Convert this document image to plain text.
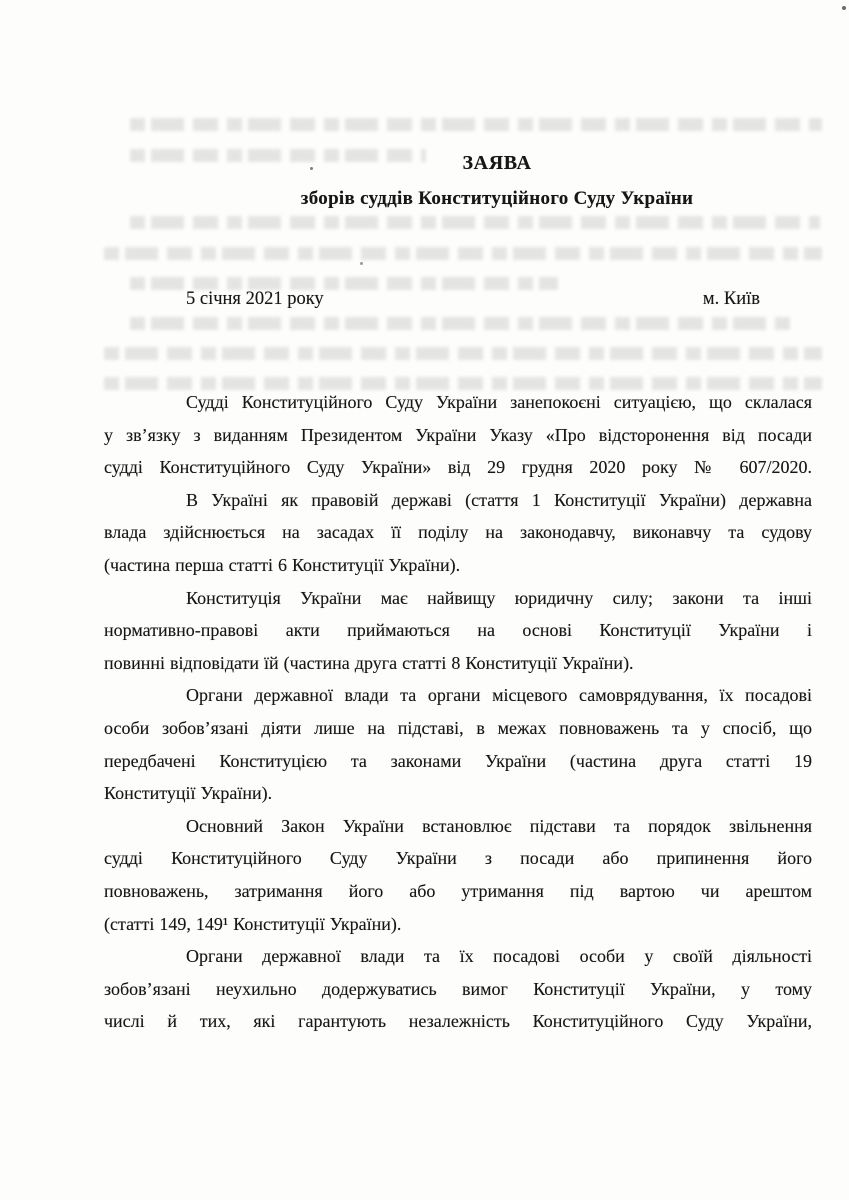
ЗАЯВА
зборів суддів Конституційного Суду України
5 січня 2021 року	м. Київ
Судді Конституційного Суду України занепокоєні ситуацією, що склалася
у зв’язку з виданням Президентом України Указу «Про відсторонення від посади
судді Конституційного Суду України» від 29 грудня 2020 року № 607/2020.
В Україні як правовій державі (стаття 1 Конституції України) державна
влада здійснюється на засадах її поділу на законодавчу, виконавчу та судову
(частина перша статті 6 Конституції України).
Конституція України має найвищу юридичну силу; закони та інші
нормативно-правові акти приймаються на основі Конституції України і
повинні відповідати їй (частина друга статті 8 Конституції України).
Органи державної влади та органи місцевого самоврядування, їх посадові
особи зобов’язані діяти лише на підставі, в межах повноважень та у спосіб, що
передбачені Конституцією та законами України (частина друга статті 19
Конституції України).
Основний Закон України встановлює підстави та порядок звільнення
судді Конституційного Суду України з посади або припинення його
повноважень, затримання його або утримання під вартою чи арештом
(статті 149, 149¹ Конституції України).
Органи державної влади та їх посадові особи у своїй діяльності
зобов’язані неухильно додержуватись вимог Конституції України, у тому
числі й тих, які гарантують незалежність Конституційного Суду України,
